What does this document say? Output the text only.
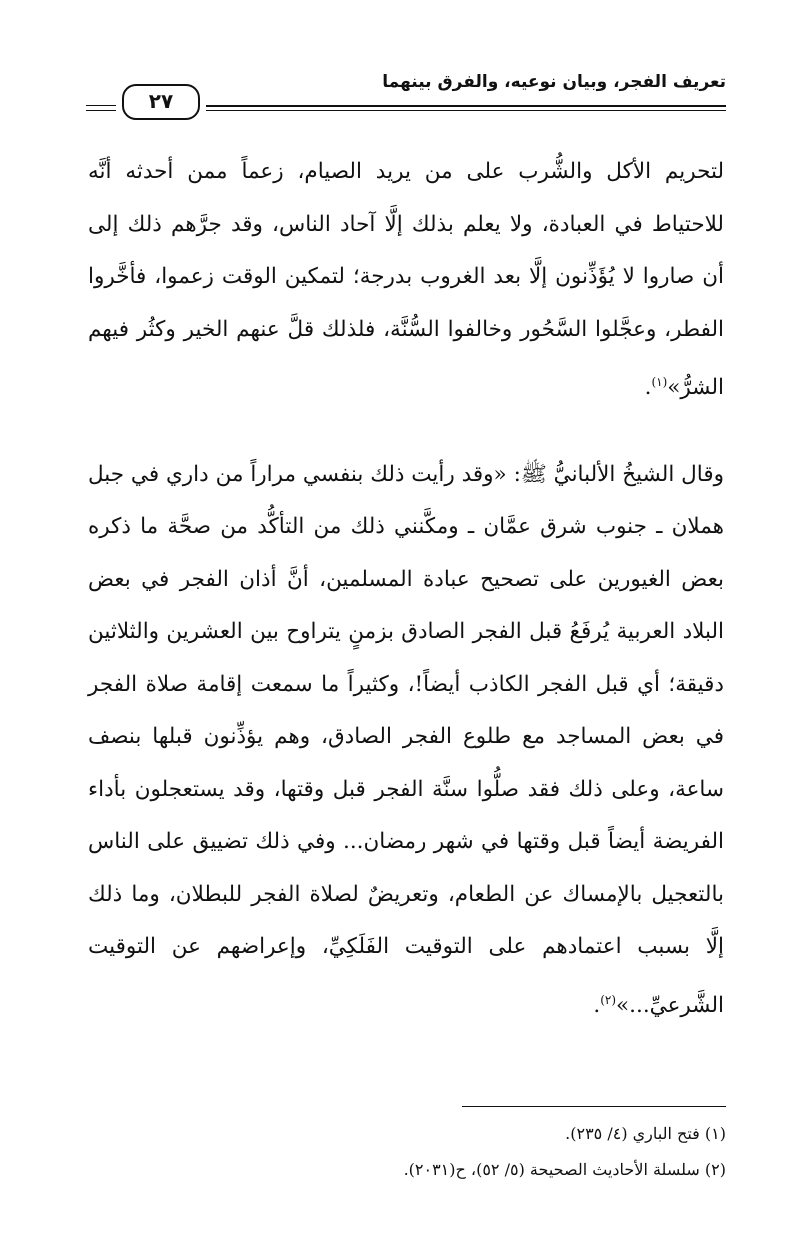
تعريف الفجر، وبيان نوعيه، والفرق بينهما
٢٧

لتحريم الأكل والشُّرب على من يريد الصيام، زعماً ممن أحدثه أنَّه للاحتياط في العبادة، ولا يعلم بذلك إلَّا آحاد الناس، وقد جرَّهم ذلك إلى أن صاروا لا يُؤَذِّنون إلَّا بعد الغروب بدرجة؛ لتمكين الوقت زعموا، فأخَّروا الفطر، وعجَّلوا السَّحُور وخالفوا السُّنَّة، فلذلك قلَّ عنهم الخير وكثُر فيهم الشرُّ»$^{(١)}$.

وقال الشيخُ الألبانيُّ ﷺ: «وقد رأيت ذلك بنفسي مراراً من داري في جبل هملان ـ جنوب شرق عمَّان ـ ومكَّنني ذلك من التأكُّد من صحَّة ما ذكره بعض الغيورين على تصحيح عبادة المسلمين، أنَّ أذان الفجر في بعض البلاد العربية يُرفَعُ قبل الفجر الصادق بزمنٍ يتراوح بين العشرين والثلاثين دقيقة؛ أي قبل الفجر الكاذب أيضاً!، وكثيراً ما سمعت إقامة صلاة الفجر في بعض المساجد مع طلوع الفجر الصادق، وهم يؤذِّنون قبلها بنصف ساعة، وعلى ذلك فقد صلُّوا سنَّة الفجر قبل وقتها، وقد يستعجلون بأداء الفريضة أيضاً قبل وقتها في شهر رمضان... وفي ذلك تضييق على الناس بالتعجيل بالإمساك عن الطعام، وتعريضٌ لصلاة الفجر للبطلان، وما ذلك إلَّا بسبب اعتمادهم على التوقيت الفَلَكِيِّ، وإعراضهم عن التوقيت الشَّرعيِّ...»$^{(٢)}$.

(١) فتح الباري (٤/ ٢٣٥).

(٢) سلسلة الأحاديث الصحيحة (٥/ ٥٢)، ح(٢٠٣١).
